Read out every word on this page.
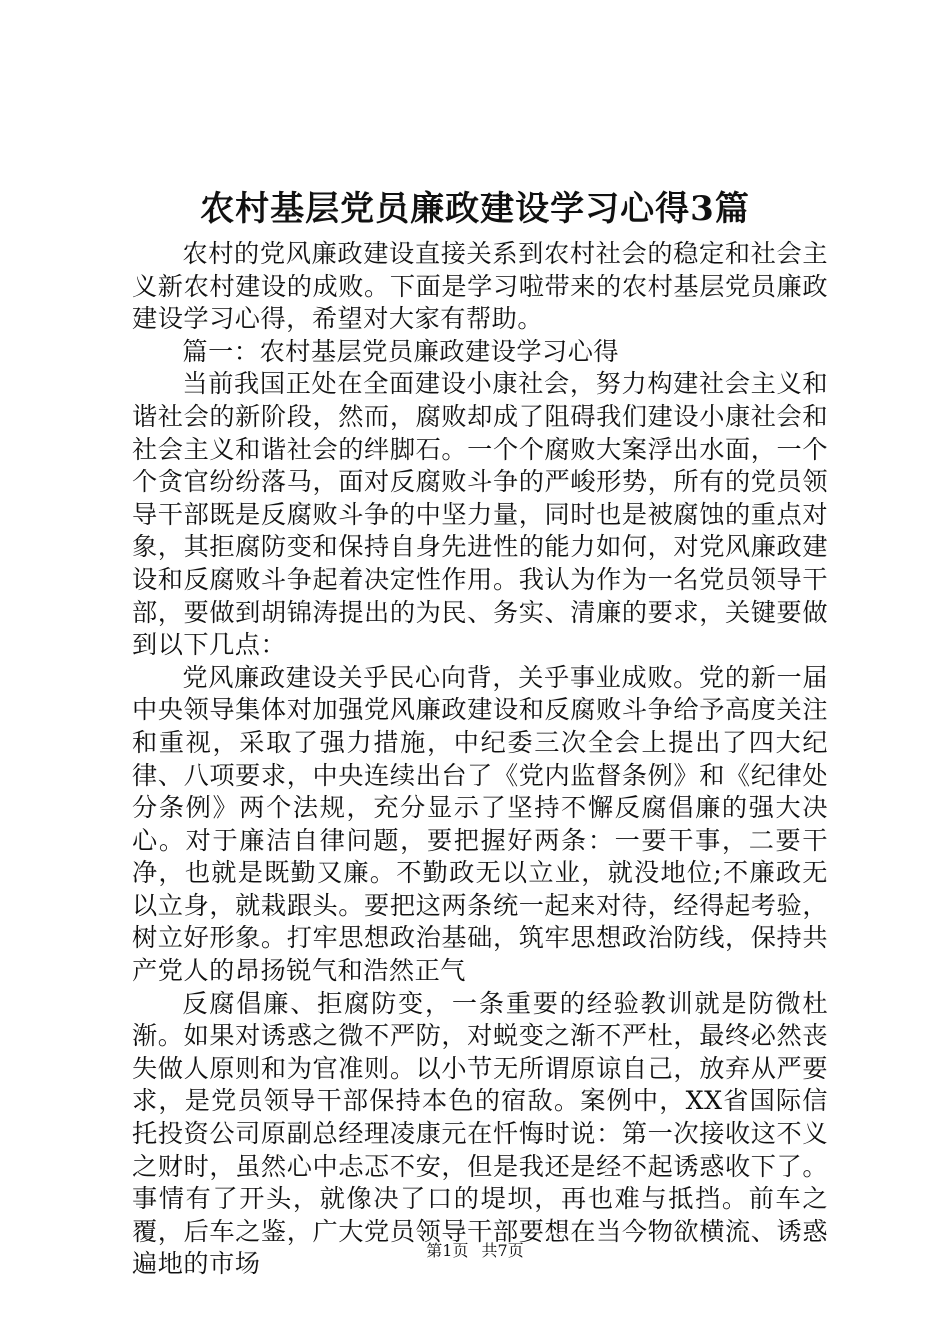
农村基层党员廉政建设学习心得3篇

农村的党风廉政建设直接关系到农村社会的稳定和社会主义新农村建设的成败。下面是学习啦带来的农村基层党员廉政建设学习心得，希望对大家有帮助。

篇一：农村基层党员廉政建设学习心得

当前我国正处在全面建设小康社会，努力构建社会主义和谐社会的新阶段，然而，腐败却成了阻碍我们建设小康社会和社会主义和谐社会的绊脚石。一个个腐败大案浮出水面，一个个贪官纷纷落马，面对反腐败斗争的严峻形势，所有的党员领导干部既是反腐败斗争的中坚力量，同时也是被腐蚀的重点对象，其拒腐防变和保持自身先进性的能力如何，对党风廉政建设和反腐败斗争起着决定性作用。我认为作为一名党员领导干部，要做到胡锦涛提出的为民、务实、清廉的要求，关键要做到以下几点：

党风廉政建设关乎民心向背，关乎事业成败。党的新一届中央领导集体对加强党风廉政建设和反腐败斗争给予高度关注和重视，采取了强力措施，中纪委三次全会上提出了四大纪律、八项要求，中央连续出台了《党内监督条例》和《纪律处分条例》两个法规，充分显示了坚持不懈反腐倡廉的强大决心。对于廉洁自律问题，要把握好两条：一要干事，二要干净，也就是既勤又廉。不勤政无以立业，就没地位;不廉政无以立身，就栽跟头。要把这两条统一起来对待，经得起考验，树立好形象。打牢思想政治基础，筑牢思想政治防线，保持共产党人的昂扬锐气和浩然正气

反腐倡廉、拒腐防变，一条重要的经验教训就是防微杜渐。如果对诱惑之微不严防，对蜕变之渐不严杜，最终必然丧失做人原则和为官准则。以小节无所谓原谅自己，放弃从严要求，是党员领导干部保持本色的宿敌。案例中，XX省国际信托投资公司原副总经理凌康元在忏悔时说：第一次接收这不义之财时，虽然心中忐忑不安，但是我还是经不起诱惑收下了。事情有了开头，就像决了口的堤坝，再也难与抵挡。前车之覆，后车之鉴，广大党员领导干部要想在当今物欲横流、诱惑遍地的市场	第1页 共7页
